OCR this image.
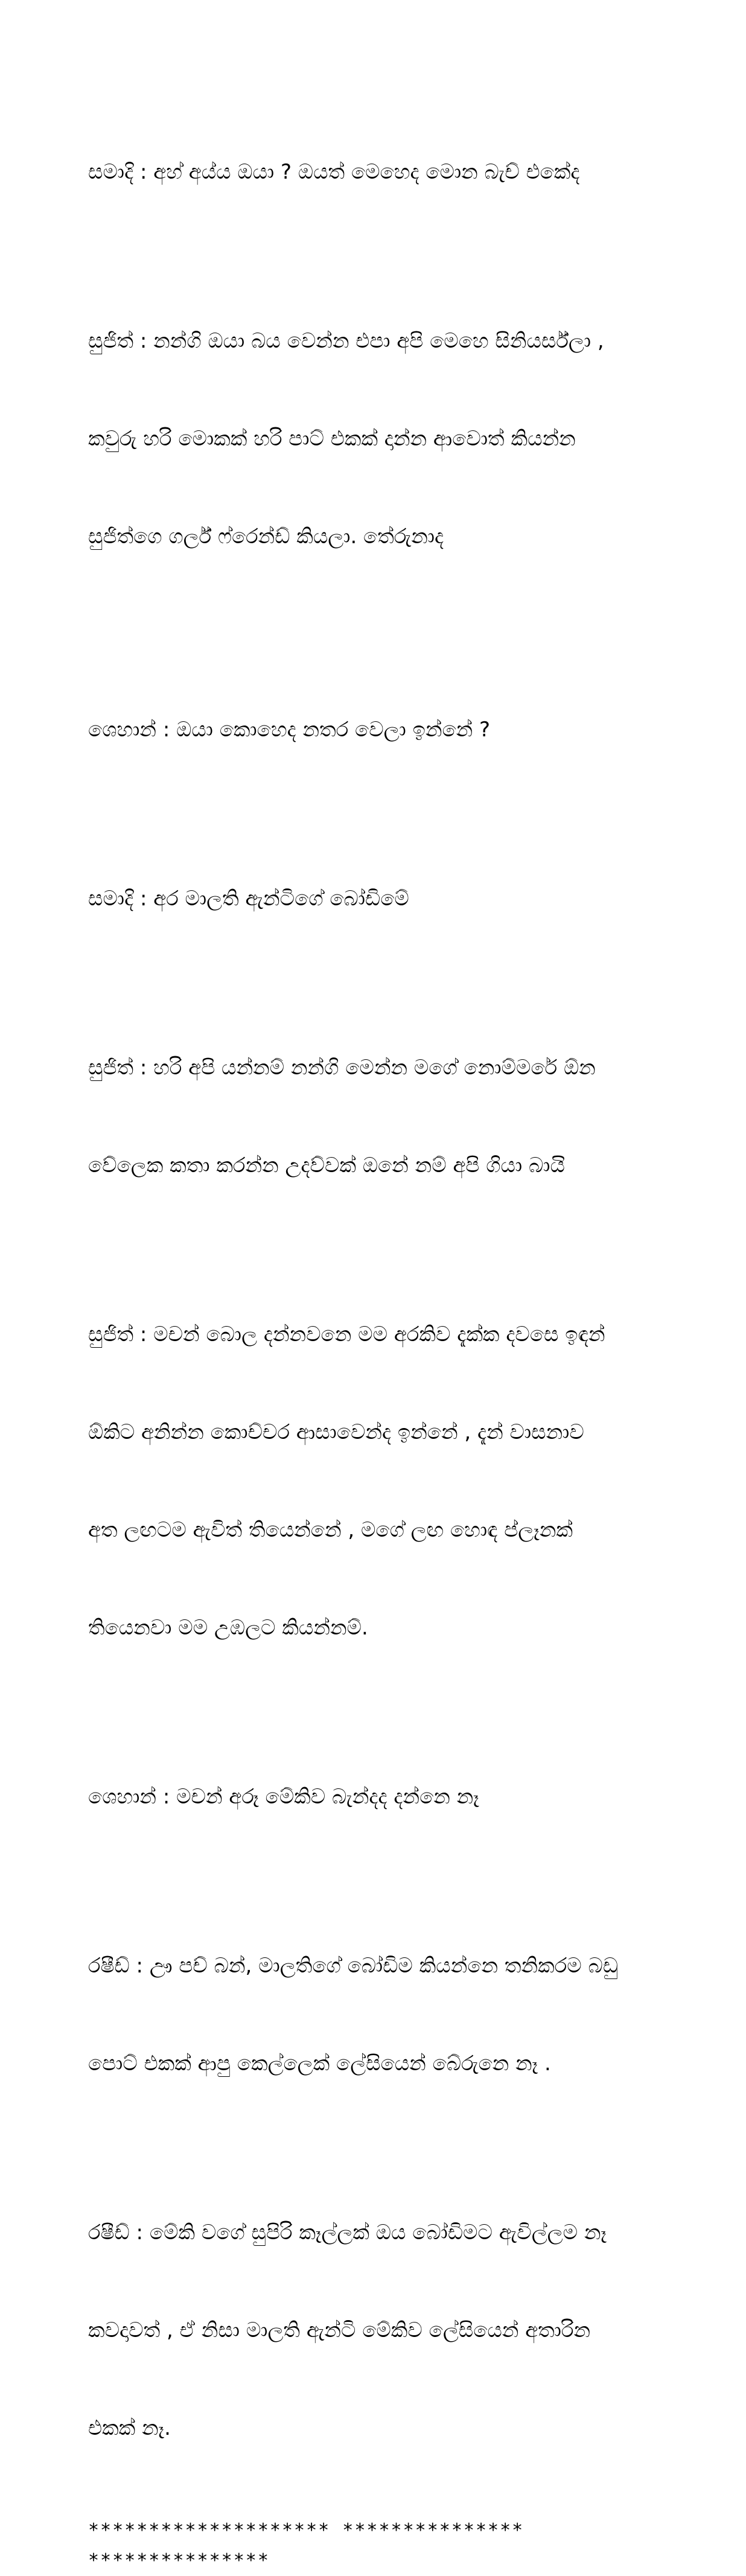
සමාදි : අහ් අය්ය ඔයා ? ඔයත් මෙහෙද මොන බැච් එකේද

සුජිත් : නන්ගි ඔයා බය වෙන්න එපා අපි මෙහෙ සිනියර්ස්ලා ,

කවුරු හරි මොකක් හරි පාට් එකක් දාන්න ආවොත් කියන්න

සුජිත්ගෙ ගර්ල් ෆ්රෙන්ඩ් කියලා. තේරුනාද

ශෙහාන් : ඔයා කොහෙද නතර වෙලා ඉන්නේ ?

සමාදි : අර මාලති ඇන්ටිගේ බෝඩිමේ

සුජිත් : හරි අපි යන්නම් නන්ගි මෙන්න මගේ නොම්මරේ ඕන

වේලෙක කතා කරන්න උදව්වක් ඔනේ නම් අපි ගියා බායි

සුජිත් : මචන් බොල දන්නවනෙ මම අරකිව දැක්ක දවසෙ ඉඳන්

ඕකිට අනින්න කොච්චර ආසාවෙන්ද ඉන්නේ , දැන් වාසනාව

අත ලඟටම ඇවිත් තියෙන්නේ , මගේ ලඟ හොඳ ප්ලෑනක්

තියෙනවා මම උඹලට කියන්නම්.

ශෙහාන් : මචන් අරූ මේකිව බැන්දද දන්නෙ නෑ

රෂීඩ් : ඌ පච් බන්, මාලතිගේ බෝඩිම කියන්නෙ තනිකරම බඩු

පොට් එකක් ආපු කෙල්ලෙක් ලේසියෙන් බේරුනෙ නෑ .

රෂීඩ් : මේකි වගේ සුපිරි කෑල්ලක් ඔය බෝඩිමට ඇවිල්ලම නෑ

කවදාවත් , ඒ නිසා මාලති ඇන්ටි මේකිව ලේසියෙන් අතාරින

එකක් නෑ.

******************** ***************
***************
